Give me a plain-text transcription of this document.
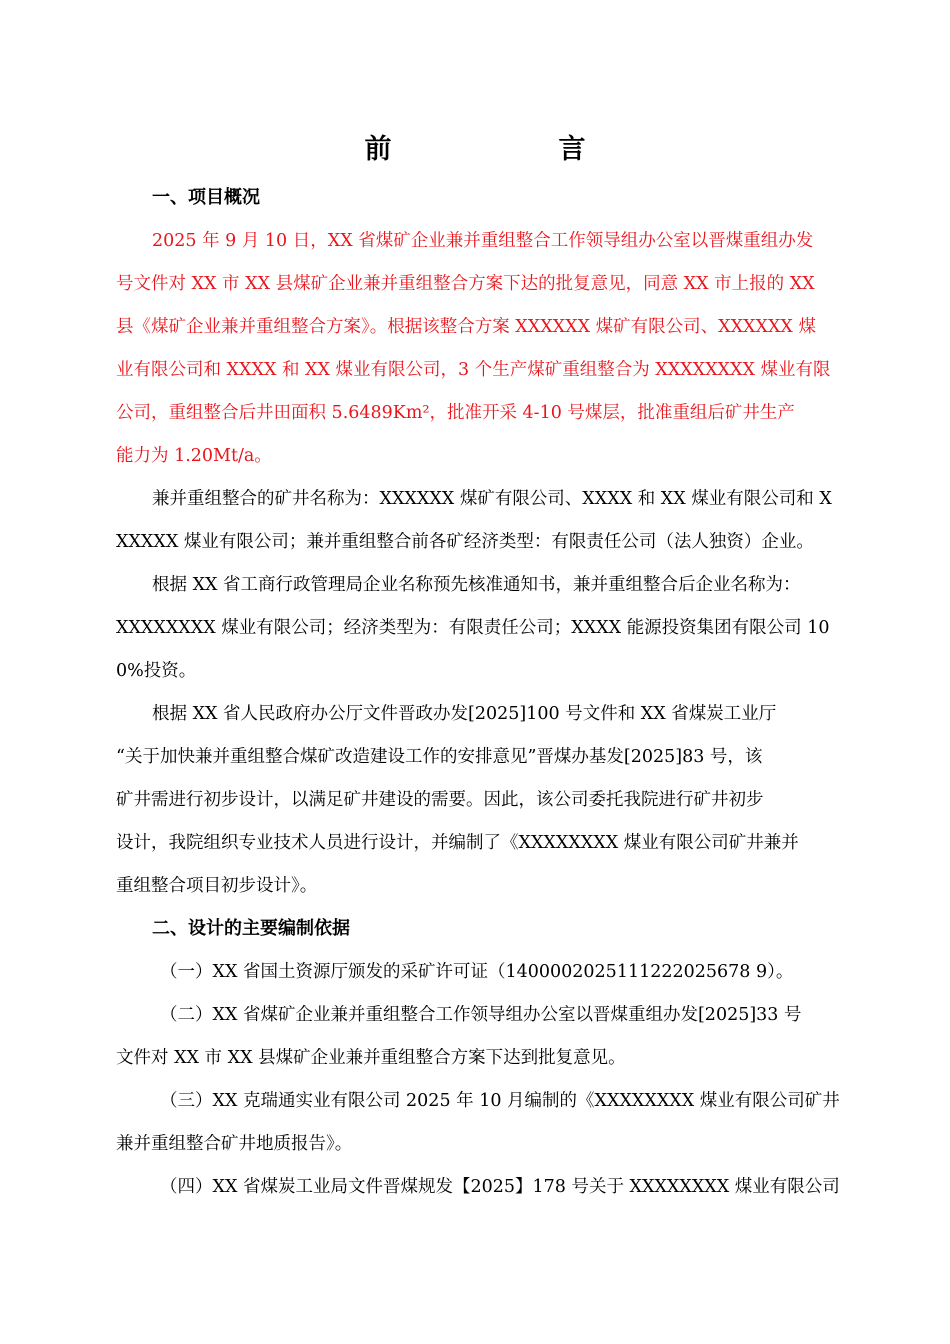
前　言
一、项目概况
2025 年 9 月 10 日，XX 省煤矿企业兼并重组整合工作领导组办公室以晋煤重组办发
号文件对 XX 市 XX 县煤矿企业兼并重组整合方案下达的批复意见，同意 XX 市上报的 XX
县《煤矿企业兼并重组整合方案》。根据该整合方案 XXXXXX 煤矿有限公司、XXXXXX 煤
业有限公司和 XXXX 和 XX 煤业有限公司，3 个生产煤矿重组整合为 XXXXXXXX 煤业有限
公司，重组整合后井田面积 5.6489Km²，批准开采 4-10 号煤层，批准重组后矿井生产
能力为 1.20Mt/a。
兼并重组整合的矿井名称为：XXXXXX 煤矿有限公司、XXXX 和 XX 煤业有限公司和 X
XXXXX 煤业有限公司；兼并重组整合前各矿经济类型：有限责任公司（法人独资）企业。
根据 XX 省工商行政管理局企业名称预先核准通知书，兼并重组整合后企业名称为：
XXXXXXXX 煤业有限公司；经济类型为：有限责任公司；XXXX 能源投资集团有限公司 10
0%投资。
根据 XX 省人民政府办公厅文件晋政办发[2025]100 号文件和 XX 省煤炭工业厅
“关于加快兼并重组整合煤矿改造建设工作的安排意见”晋煤办基发[2025]83 号，该
矿井需进行初步设计，以满足矿井建设的需要。因此，该公司委托我院进行矿井初步
设计，我院组织专业技术人员进行设计，并编制了《XXXXXXXX 煤业有限公司矿井兼并
重组整合项目初步设计》。
二、设计的主要编制依据
（一）XX 省国土资源厅颁发的采矿许可证（1400002025111222025678 9）。
（二）XX 省煤矿企业兼并重组整合工作领导组办公室以晋煤重组办发[2025]33 号
文件对 XX 市 XX 县煤矿企业兼并重组整合方案下达到批复意见。
（三）XX 克瑞通实业有限公司 2025 年 10 月编制的《XXXXXXXX 煤业有限公司矿井
兼并重组整合矿井地质报告》。
（四）XX 省煤炭工业局文件晋煤规发【2025】178 号关于 XXXXXXXX 煤业有限公司
